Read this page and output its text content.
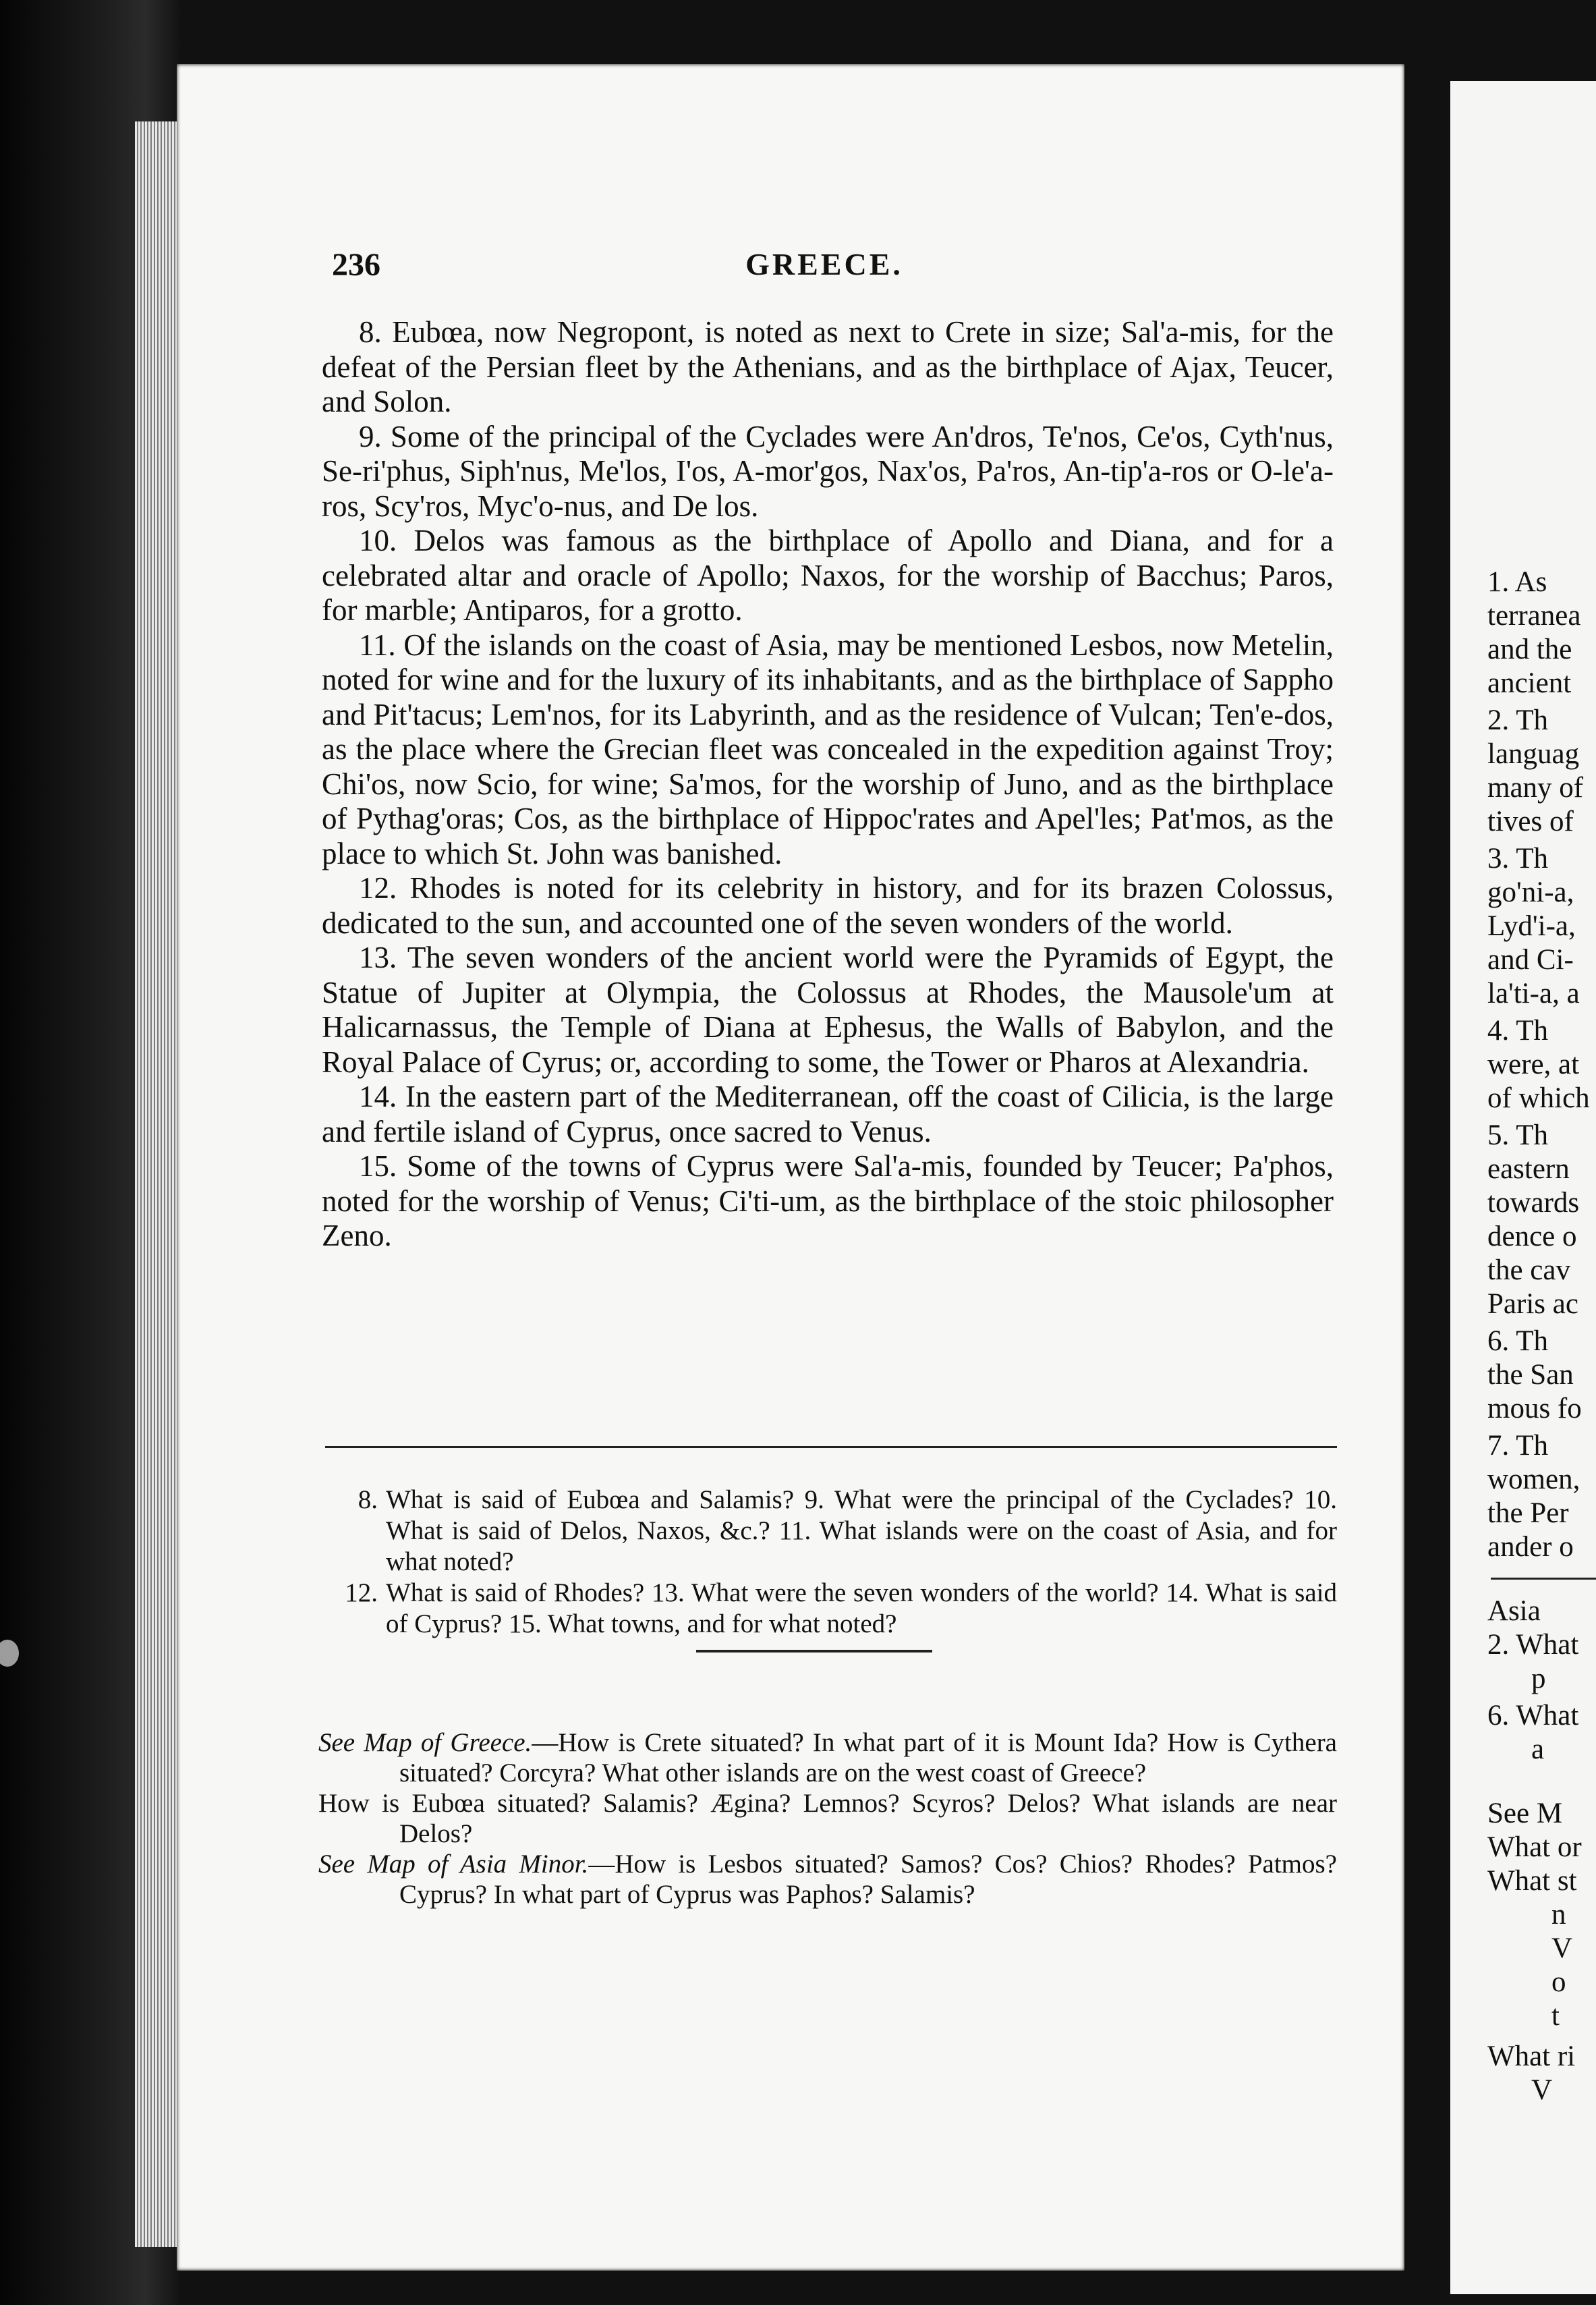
236	GREECE.

8. Eubœa, now Negropont, is noted as next to Crete in size; Sal'a-mis, for the defeat of the Persian fleet by the Athenians, and as the birthplace of Ajax, Teucer, and Solon.

9. Some of the principal of the Cyclades were An'dros, Te'nos, Ce'os, Cyth'nus, Se-ri'phus, Siph'nus, Me'los, I'os, A-mor'gos, Nax'os, Pa'ros, An-tip'a-ros or O-le'a-ros, Scy'ros, Myc'o-nus, and De los.

10. Delos was famous as the birthplace of Apollo and Diana, and for a celebrated altar and oracle of Apollo; Naxos, for the worship of Bacchus; Paros, for marble; Antiparos, for a grotto.

11. Of the islands on the coast of Asia, may be mentioned Lesbos, now Metelin, noted for wine and for the luxury of its inhabitants, and as the birthplace of Sappho and Pit'tacus; Lem'nos, for its Labyrinth, and as the residence of Vulcan; Ten'e-dos, as the place where the Grecian fleet was concealed in the expedition against Troy; Chi'os, now Scio, for wine; Sa'mos, for the worship of Juno, and as the birthplace of Pythag'oras; Cos, as the birthplace of Hippoc'rates and Apel'les; Pat'mos, as the place to which St. John was banished.

12. Rhodes is noted for its celebrity in history, and for its brazen Colossus, dedicated to the sun, and accounted one of the seven wonders of the world.

13. The seven wonders of the ancient world were the Pyramids of Egypt, the Statue of Jupiter at Olympia, the Colossus at Rhodes, the Mausole'um at Halicarnassus, the Temple of Diana at Ephesus, the Walls of Babylon, and the Royal Palace of Cyrus; or, according to some, the Tower or Pharos at Alexandria.

14. In the eastern part of the Mediterranean, off the coast of Cilicia, is the large and fertile island of Cyprus, once sacred to Venus.

15. Some of the towns of Cyprus were Sal'a-mis, founded by Teucer; Pa'phos, noted for the worship of Venus; Ci'ti-um, as the birthplace of the stoic philosopher Zeno.

8. What is said of Eubœa and Salamis? 9. What were the principal of the Cyclades? 10. What is said of Delos, Naxos, &c.? 11. What islands were on the coast of Asia, and for what noted?

12. What is said of Rhodes? 13. What were the seven wonders of the world? 14. What is said of Cyprus? 15. What towns, and for what noted?

See Map of Greece.—How is Crete situated? In what part of it is Mount Ida? How is Cythera situated? Corcyra? What other islands are on the west coast of Greece?

How is Eubœa situated? Salamis? Ægina? Lemnos? Scyros? Delos? What islands are near Delos?

See Map of Asia Minor.—How is Lesbos situated? Samos? Cos? Chios? Rhodes? Patmos? Cyprus? In what part of Cyprus was Paphos? Salamis?

1. As
terranea
and the
ancient
2. Th
languag
many of
tives of
3. Th
go'ni-a,
Lyd'i-a,
and Ci-
la'ti-a, a
4. Th
were, at
of which
5. Th
eastern
towards
dence o
the cav
Paris ac
6. Th
the San
mous fo
7. Th
women,
the Per
ander o
Asia
2. What
p
6. What
a
See M
What or
What st
n
V
o
t
What ri
V
